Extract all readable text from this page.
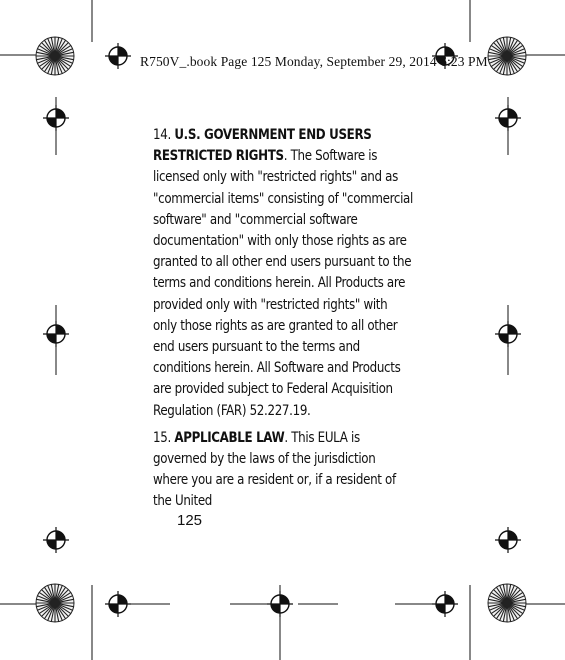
R750V_.book Page 125 Monday, September 29, 2014 6:23 PM

14. U.S. GOVERNMENT END USERS RESTRICTED RIGHTS. The Software is licensed only with "restricted rights" and as "commercial items" consisting of "commercial software" and "commercial software documentation" with only those rights as are granted to all other end users pursuant to the terms and conditions herein. All Products are provided only with "restricted rights" with only those rights as are granted to all other end users pursuant to the terms and conditions herein. All Software and Products are provided subject to Federal Acquisition Regulation (FAR) 52.227.19.

15. APPLICABLE LAW. This EULA is governed by the laws of the jurisdiction where you are a resident or, if a resident of the United

125
